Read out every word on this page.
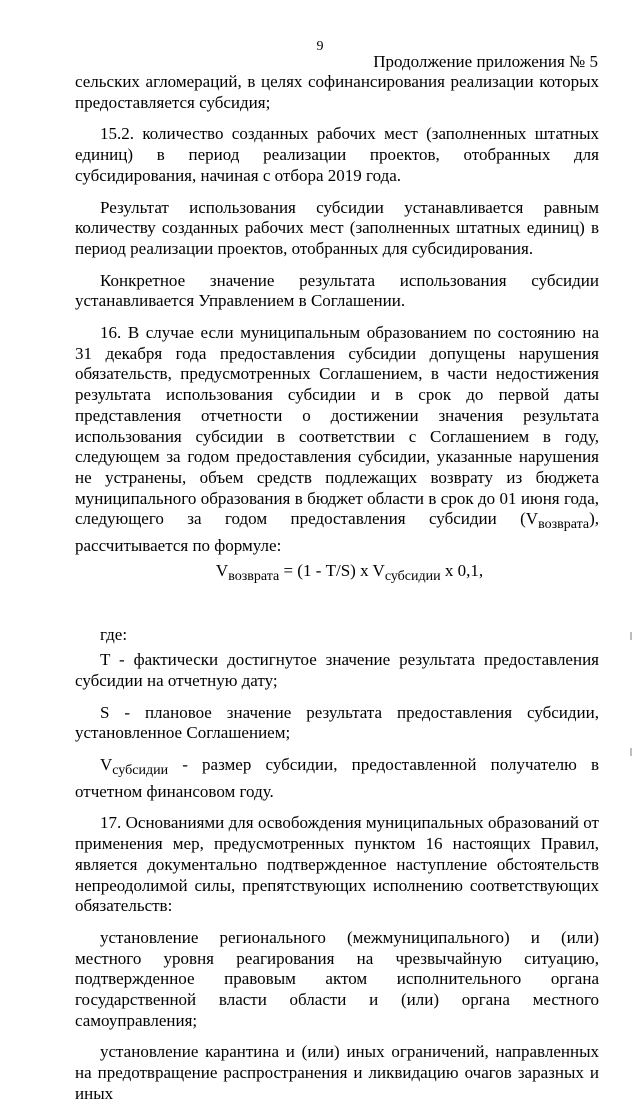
9
Продолжение приложения № 5

сельских агломераций, в целях софинансирования реализации которых предоставляется субсидия;

15.2. количество созданных рабочих мест (заполненных штатных единиц) в период реализации проектов, отобранных для субсидирования, начиная с отбора 2019 года.

Результат использования субсидии устанавливается равным количеству созданных рабочих мест (заполненных штатных единиц) в период реализации проектов, отобранных для субсидирования.

Конкретное значение результата использования субсидии устанавливается Управлением в Соглашении.

16. В случае если муниципальным образованием по состоянию на 31 декабря года предоставления субсидии допущены нарушения обязательств, предусмотренных Соглашением, в части недостижения результата использования субсидии и в срок до первой даты представления отчетности о достижении значения результата использования субсидии в соответствии с Соглашением в году, следующем за годом предоставления субсидии, указанные нарушения не устранены, объем средств подлежащих возврату из бюджета муниципального образования в бюджет области в срок до 01 июня года, следующего за годом предоставления субсидии $(V_{возврата})$, рассчитывается по формуле:

$V_{возврата} = (1 - T/S)$ x $V_{субсидии}$ x 0,1,

где:

T - фактически достигнутое значение результата предоставления субсидии на отчетную дату;

S - плановое значение результата предоставления субсидии, установленное Соглашением;

$V_{субсидии}$ - размер субсидии, предоставленной получателю в отчетном финансовом году.

17. Основаниями для освобождения муниципальных образований от применения мер, предусмотренных пунктом 16 настоящих Правил, является документально подтвержденное наступление обстоятельств непреодолимой силы, препятствующих исполнению соответствующих обязательств:

установление регионального (межмуниципального) и (или) местного уровня реагирования на чрезвычайную ситуацию, подтвержденное правовым актом исполнительного органа государственной власти области и (или) органа местного самоуправления;

установление карантина и (или) иных ограничений, направленных на предотвращение распространения и ликвидацию очагов заразных и иных
